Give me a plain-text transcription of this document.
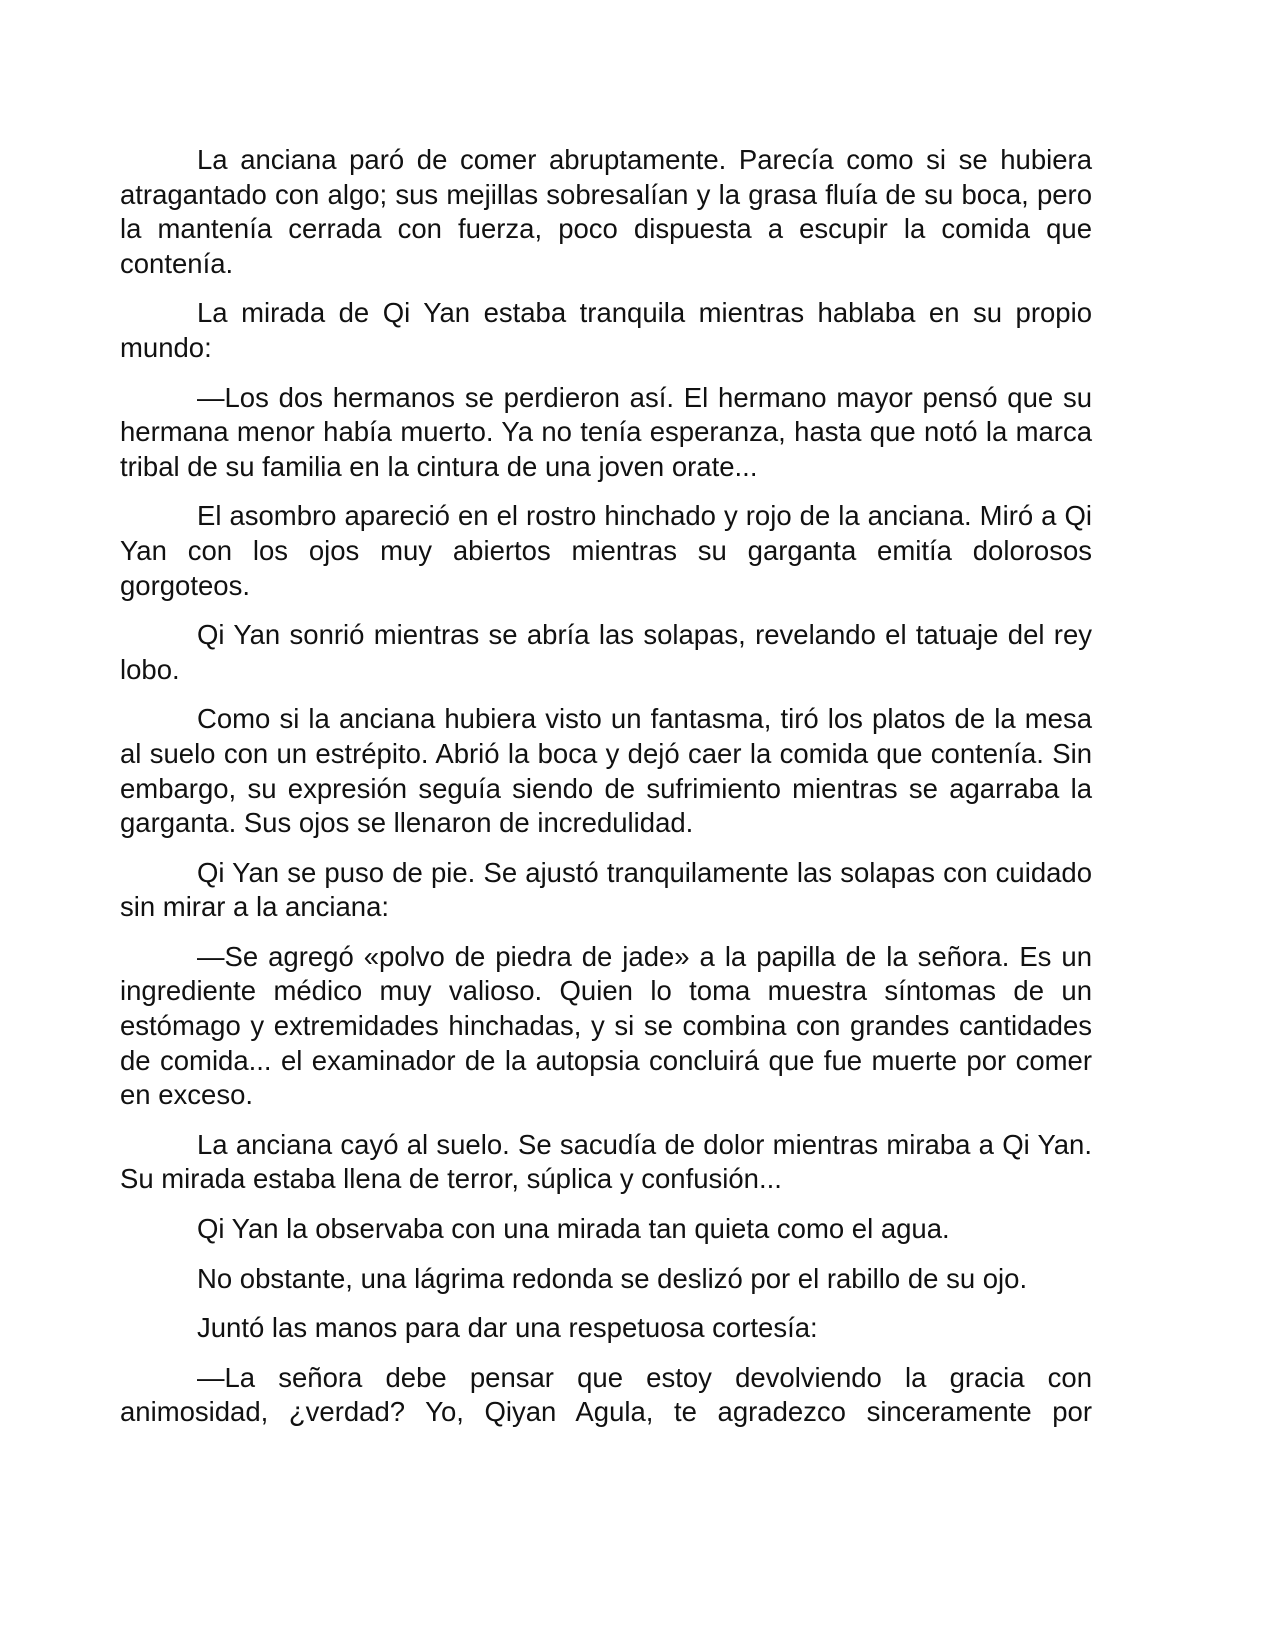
La anciana paró de comer abruptamente. Parecía como si se hubiera atragantado con algo; sus mejillas sobresalían y la grasa fluía de su boca, pero la mantenía cerrada con fuerza, poco dispuesta a escupir la comida que contenía.

La mirada de Qi Yan estaba tranquila mientras hablaba en su propio mundo:

—Los dos hermanos se perdieron así. El hermano mayor pensó que su hermana menor había muerto. Ya no tenía esperanza, hasta que notó la marca tribal de su familia en la cintura de una joven orate...

El asombro apareció en el rostro hinchado y rojo de la anciana. Miró a Qi Yan con los ojos muy abiertos mientras su garganta emitía dolorosos gorgoteos.

Qi Yan sonrió mientras se abría las solapas, revelando el tatuaje del rey lobo.

Como si la anciana hubiera visto un fantasma, tiró los platos de la mesa al suelo con un estrépito. Abrió la boca y dejó caer la comida que contenía. Sin embargo, su expresión seguía siendo de sufrimiento mientras se agarraba la garganta. Sus ojos se llenaron de incredulidad.

Qi Yan se puso de pie. Se ajustó tranquilamente las solapas con cuidado sin mirar a la anciana:

—Se agregó «polvo de piedra de jade» a la papilla de la señora. Es un ingrediente médico muy valioso. Quien lo toma muestra síntomas de un estómago y extremidades hinchadas, y si se combina con grandes cantidades de comida... el examinador de la autopsia concluirá que fue muerte por comer en exceso.

La anciana cayó al suelo. Se sacudía de dolor mientras miraba a Qi Yan. Su mirada estaba llena de terror, súplica y confusión...

Qi Yan la observaba con una mirada tan quieta como el agua.

No obstante, una lágrima redonda se deslizó por el rabillo de su ojo.

Juntó las manos para dar una respetuosa cortesía:

—La señora debe pensar que estoy devolviendo la gracia con animosidad, ¿verdad? Yo, Qiyan Agula, te agradezco sinceramente por
